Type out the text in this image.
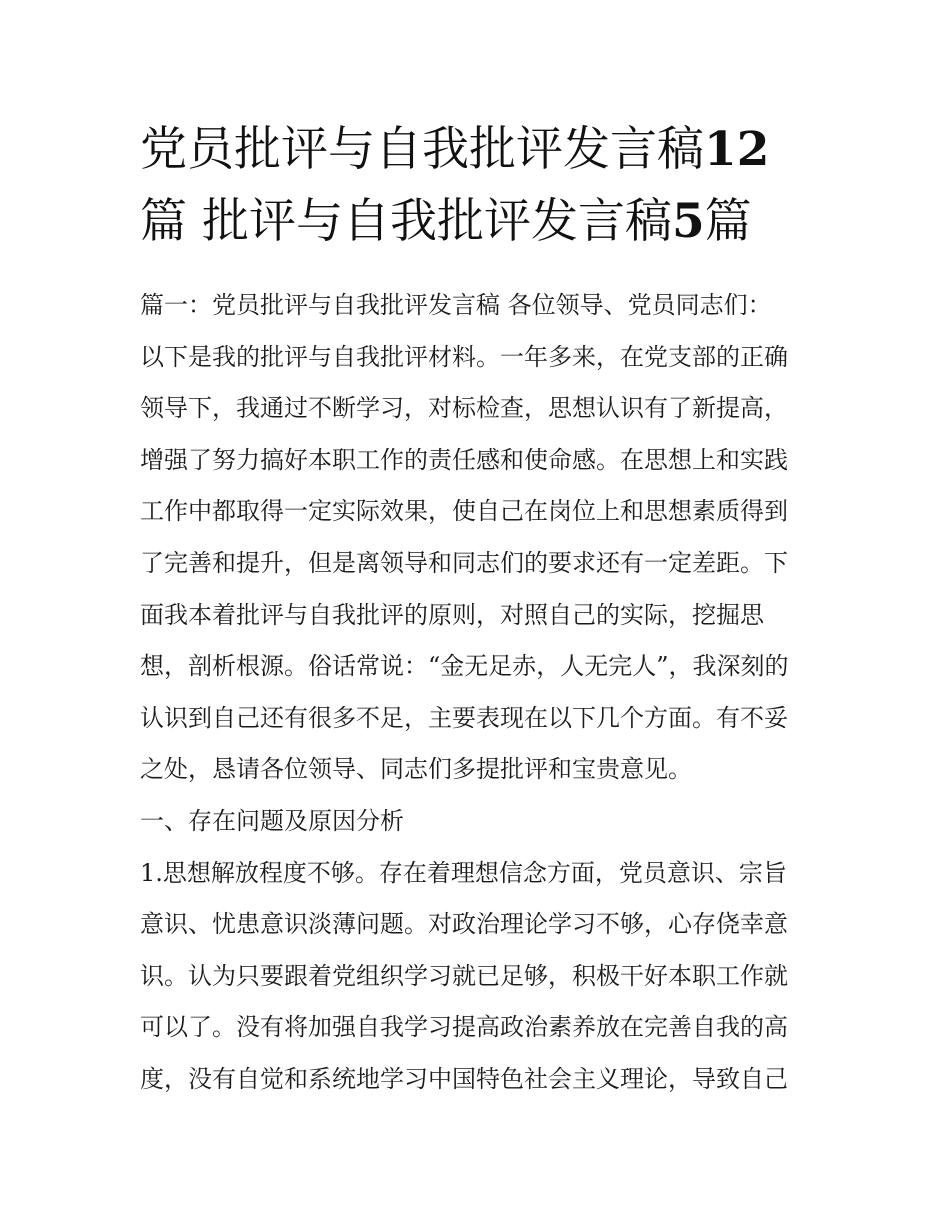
党员批评与自我批评发言稿12
篇 批评与自我批评发言稿5篇
篇一：党员批评与自我批评发言稿 各位领导、党员同志们：
以下是我的批评与自我批评材料。一年多来，在党支部的正确
领导下，我通过不断学习，对标检查，思想认识有了新提高，
增强了努力搞好本职工作的责任感和使命感。在思想上和实践
工作中都取得一定实际效果，使自己在岗位上和思想素质得到
了完善和提升，但是离领导和同志们的要求还有一定差距。下
面我本着批评与自我批评的原则，对照自己的实际，挖掘思
想，剖析根源。俗话常说：“金无足赤，人无完人”，我深刻的
认识到自己还有很多不足，主要表现在以下几个方面。有不妥
之处，恳请各位领导、同志们多提批评和宝贵意见。
一、存在问题及原因分析
1.思想解放程度不够。存在着理想信念方面，党员意识、宗旨
意识、忧患意识淡薄问题。对政治理论学习不够，心存侥幸意
识。认为只要跟着党组织学习就已足够，积极干好本职工作就
可以了。没有将加强自我学习提高政治素养放在完善自我的高
度，没有自觉和系统地学习中国特色社会主义理论，导致自己
